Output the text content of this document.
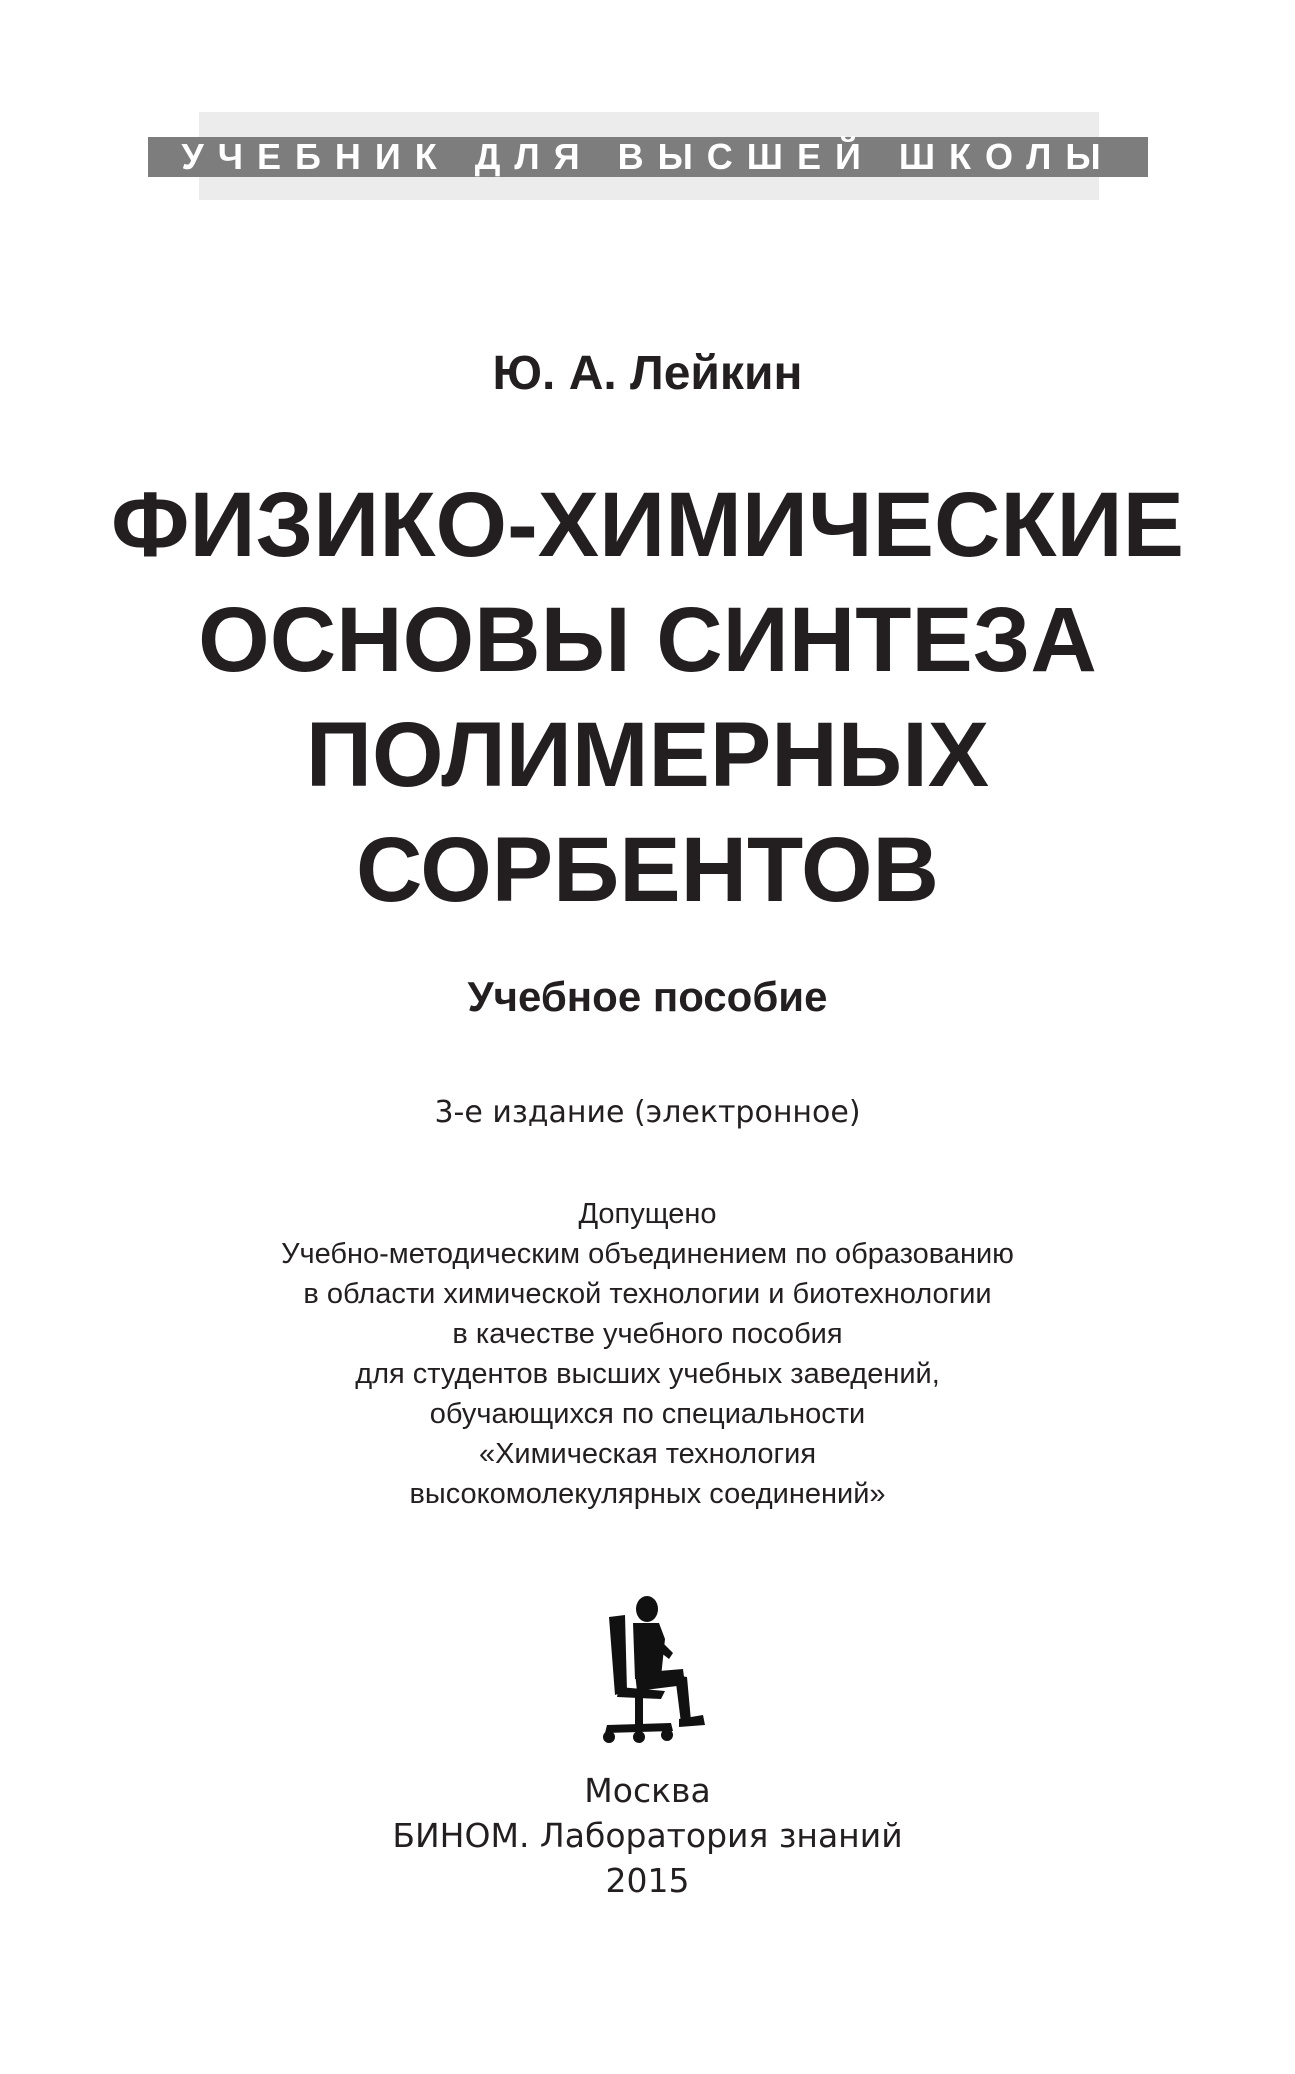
УЧЕБНИК ДЛЯ ВЫСШЕЙ ШКОЛЫ
Ю. А. Лейкин
ФИЗИКО-ХИМИЧЕСКИЕ
ОСНОВЫ СИНТЕЗА
ПОЛИМЕРНЫХ
СОРБЕНТОВ
Учебное пособие
3-е издание (электронное)
Допущено
Учебно-методическим объединением по образованию
в области химической технологии и биотехнологии
в качестве учебного пособия
для студентов высших учебных заведений,
обучающихся по специальности
«Химическая технология
высокомолекулярных соединений»
Москва
БИНОМ. Лаборатория знаний
2015
